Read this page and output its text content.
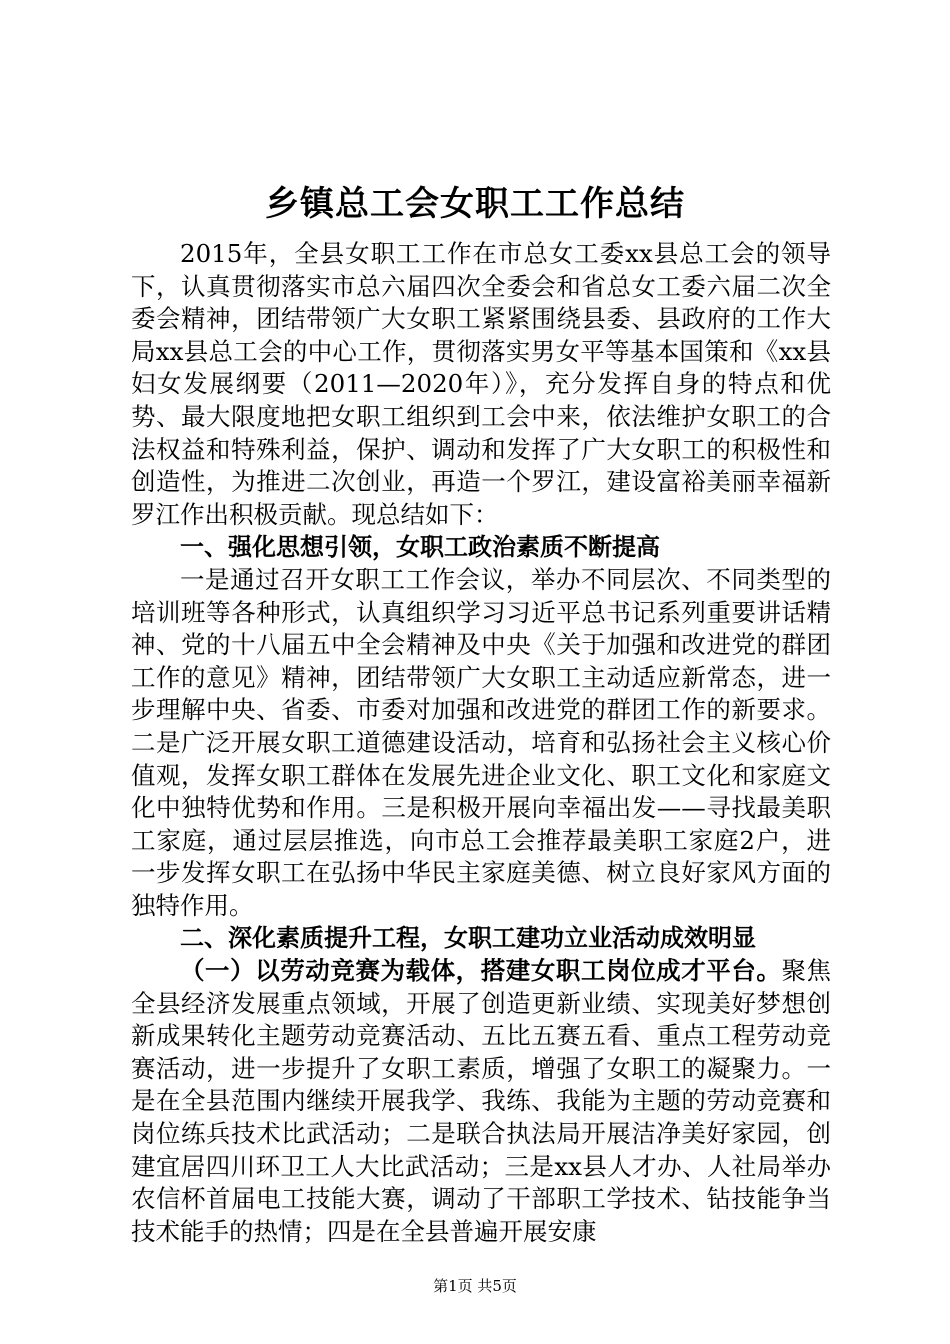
乡镇总工会女职工工作总结

2015年，全县女职工工作在市总女工委xx县总工会的领导下，认真贯彻落实市总六届四次全委会和省总女工委六届二次全委会精神，团结带领广大女职工紧紧围绕县委、县政府的工作大局xx县总工会的中心工作，贯彻落实男女平等基本国策和《xx县妇女发展纲要（2011—2020年）》，充分发挥自身的特点和优势、最大限度地把女职工组织到工会中来，依法维护女职工的合法权益和特殊利益，保护、调动和发挥了广大女职工的积极性和创造性，为推进二次创业，再造一个罗江，建设富裕美丽幸福新罗江作出积极贡献。现总结如下：

一、强化思想引领，女职工政治素质不断提高

一是通过召开女职工工作会议，举办不同层次、不同类型的培训班等各种形式，认真组织学习习近平总书记系列重要讲话精神、党的十八届五中全会精神及中央《关于加强和改进党的群团工作的意见》精神，团结带领广大女职工主动适应新常态，进一步理解中央、省委、市委对加强和改进党的群团工作的新要求。二是广泛开展女职工道德建设活动，培育和弘扬社会主义核心价值观，发挥女职工群体在发展先进企业文化、职工文化和家庭文化中独特优势和作用。三是积极开展向幸福出发——寻找最美职工家庭，通过层层推选，向市总工会推荐最美职工家庭2户，进一步发挥女职工在弘扬中华民主家庭美德、树立良好家风方面的独特作用。

二、深化素质提升工程，女职工建功立业活动成效明显

（一）以劳动竞赛为载体，搭建女职工岗位成才平台。聚焦全县经济发展重点领域，开展了创造更新业绩、实现美好梦想创新成果转化主题劳动竞赛活动、五比五赛五看、重点工程劳动竞赛活动，进一步提升了女职工素质，增强了女职工的凝聚力。一是在全县范围内继续开展我学、我练、我能为主题的劳动竞赛和岗位练兵技术比武活动；二是联合执法局开展洁净美好家园，创建宜居四川环卫工人大比武活动；三是xx县人才办、人社局举办农信杯首届电工技能大赛，调动了干部职工学技术、钻技能争当技术能手的热情；四是在全县普遍开展安康

第1页 共5页
